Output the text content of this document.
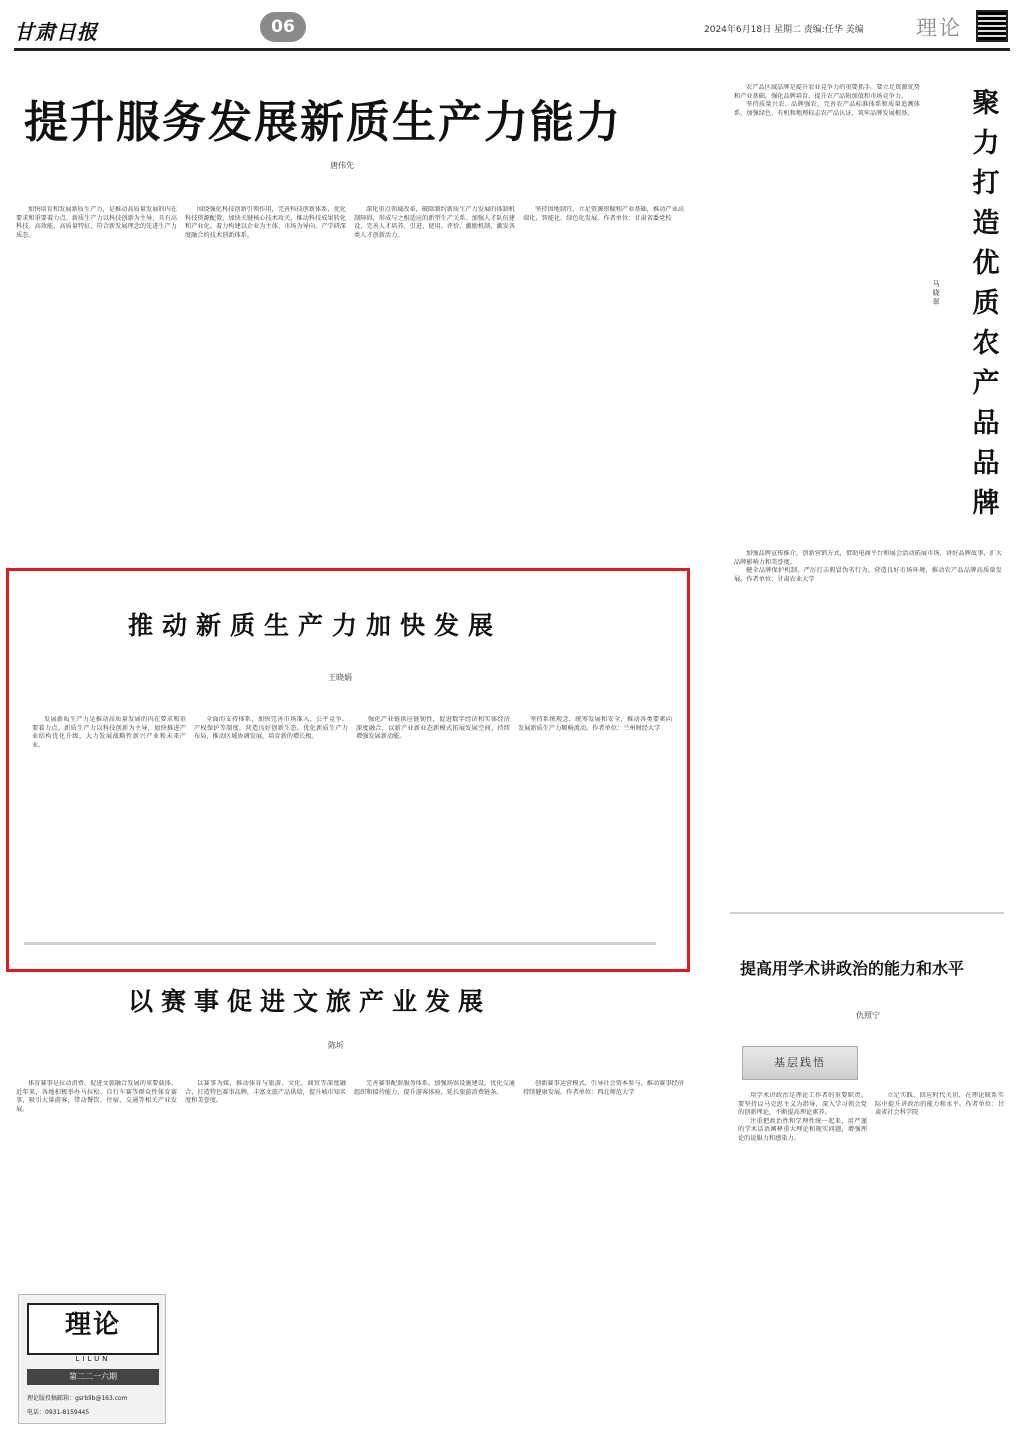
甘肃日报	06	2024年6月18日 星期二 责编:任华 美编 理论
提升服务发展新质生产力能力
唐伟先

加快培育和发展新质生产力，是推动高质量发展的内在要求和重要着力点。新质生产力以科技创新为主导，具有高科技、高效能、高质量特征，符合新发展理念的先进生产力质态。

围绕强化科技创新引领作用，完善科技创新体系，优化科技资源配置，加快关键核心技术攻关，推动科技成果转化和产业化。着力构建以企业为主体、市场为导向、产学研深度融合的技术创新体系。

深化重点领域改革，破除制约新质生产力发展的体制机制障碍，形成与之相适应的新型生产关系。加强人才队伍建设，完善人才培养、引进、使用、评价、激励机制，激发各类人才创新活力。

坚持因地制宜，立足资源禀赋和产业基础，推动产业高端化、智能化、绿色化发展。作者单位：甘肃省委党校

推动新质生产力加快发展
王晓娟

发展新质生产力是推动高质量发展的内在要求和重要着力点。新质生产力以科技创新为主导，加快推进产业结构优化升级，大力发展战略性新兴产业和未来产业。

全面的支持体系，加快完善市场准入、公平竞争、产权保护等制度，营造良好创新生态。优化新质生产力布局，推动区域协调发展，培育新的增长极。

强化产业链供应链韧性，促进数字经济和实体经济深度融合，以新产业新业态新模式拓展发展空间，持续增强发展新动能。

坚持系统观念，统筹发展和安全，推动各类要素向发展新质生产力顺畅流动。作者单位：兰州财经大学

以赛事促进文旅产业发展
陈圻

体育赛事是拉动消费、促进文旅融合发展的重要载体。近年来，各地积极举办马拉松、自行车赛等群众性体育赛事，吸引大量游客，带动餐饮、住宿、交通等相关产业发展。

以赛事为媒，推动体育与旅游、文化、商贸等深度融合，打造特色赛事品牌，丰富文旅产品供给，提升城市知名度和美誉度。

完善赛事配套服务体系，加强场馆设施建设，优化交通组织和接待能力，提升游客体验，延长旅游消费链条。

创新赛事运营模式，引导社会资本参与，推动赛事经济持续健康发展。作者单位：西北师范大学

理论
LILUN
第二二一六期
理论版投稿邮箱：gsrbllb@163.com
电话：0931-8159445
聚力打造优质农产品品牌
马晓翠

农产品区域品牌是提升农业竞争力的重要抓手。要立足资源优势和产业基础，强化品牌培育，提升农产品附加值和市场竞争力。

坚持质量兴农、品牌强农，完善农产品标准体系和质量追溯体系，加强绿色、有机和地理标志农产品认证，筑牢品牌发展根基。

加强品牌宣传推介，创新营销方式，借助电商平台和展会活动拓展市场，讲好品牌故事，扩大品牌影响力和美誉度。

健全品牌保护机制，严厉打击假冒伪劣行为，营造良好市场环境，推动农产品品牌高质量发展。作者单位：甘肃农业大学

提高用学术讲政治的能力和水平
仇照宁
基层践悟

用学术讲政治是理论工作者的重要职责。要坚持以马克思主义为指导，深入学习领会党的创新理论，不断提高理论素养。

注重把政治性和学理性统一起来，用严谨的学术话语阐释重大理论和现实问题，增强理论的说服力和感染力。

立足实践，回应时代关切，在理论联系实际中提升讲政治的能力和水平。作者单位：甘肃省社会科学院
